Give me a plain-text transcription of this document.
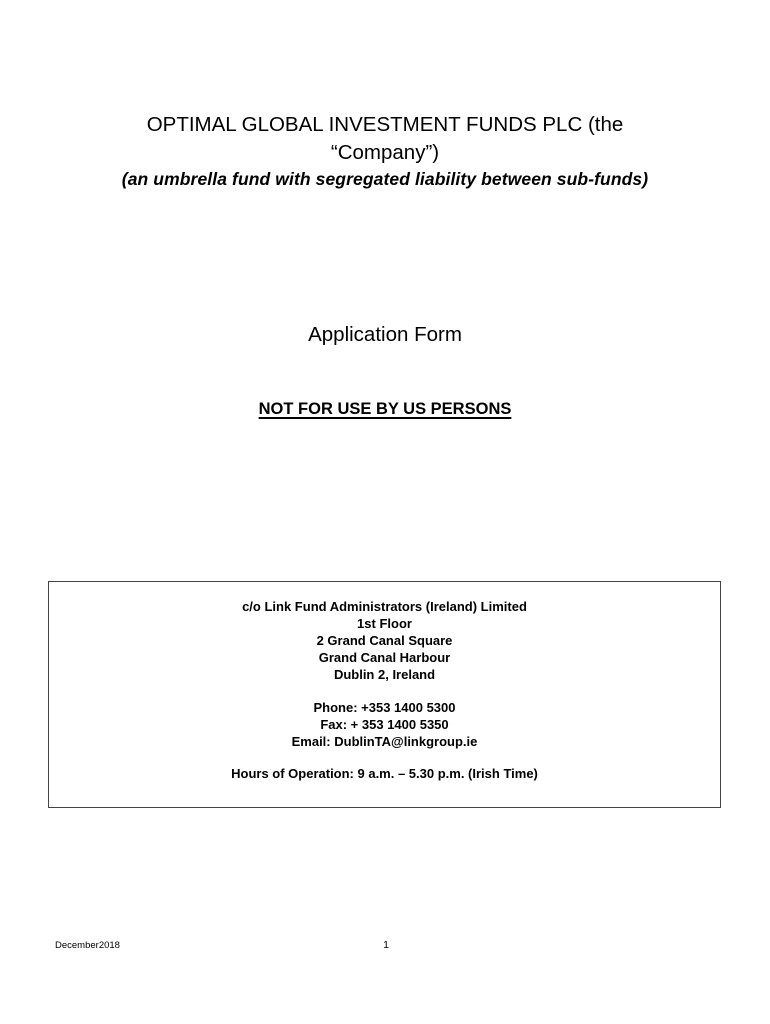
OPTIMAL GLOBAL INVESTMENT FUNDS PLC (the

“Company”)

(an umbrella fund with segregated liability between sub-funds)

Application Form

NOT FOR USE BY US PERSONS

c/o Link Fund Administrators (Ireland) Limited

1st Floor

2 Grand Canal Square

Grand Canal Harbour

Dublin 2, Ireland

Phone: +353 1400 5300

Fax: + 353 1400 5350

Email: DublinTA@linkgroup.ie

Hours of Operation: 9 a.m. – 5.30 p.m. (Irish Time)

December2018	1
